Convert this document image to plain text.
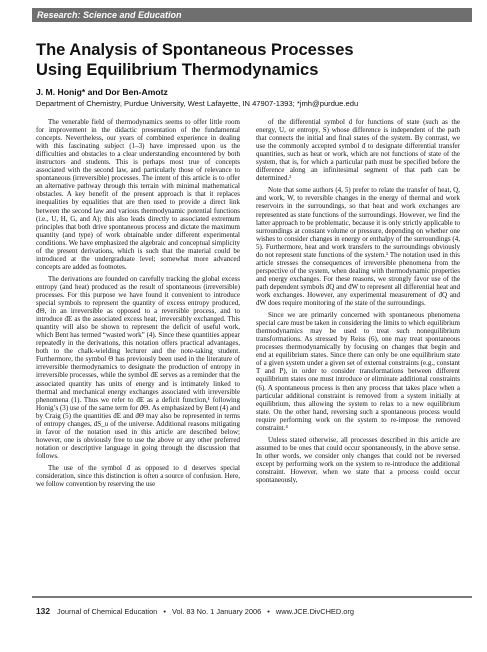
Research: Science and Education
The Analysis of Spontaneous Processes
Using Equilibrium Thermodynamics
J. M. Honig* and Dor Ben-Amotz
Department of Chemistry, Purdue University, West Lafayette, IN 47907-1393; *jmh@purdue.edu

The venerable field of thermodynamics seems to offer little room for improvement in the didactic presentation of the fundamental concepts. Nevertheless, our years of combined experience in dealing with this fascinating subject (1–3) have impressed upon us the difficulties and obstacles to a clear understanding encountered by both instructors and students. This is perhaps most true of concepts associated with the second law, and particularly those of relevance to spontaneous (irreversible) processes. The intent of this article is to offer an alternative pathway through this terrain with minimal mathematical obstacles. A key benefit of the present approach is that it replaces inequalities by equalities that are then used to provide a direct link between the second law and various thermodynamic potential functions (i.e., U, H, G, and A); this also leads directly to associated extremum principles that both drive spontaneous process and dictate the maximum quantity (and type) of work obtainable under different experimental conditions. We have emphasized the algebraic and conceptual simplicity of the present derivations, which is such that the material could be introduced at the undergraduate level; somewhat more advanced concepts are added as footnotes.

The derivations are founded on carefully tracking the global excess entropy (and heat) produced as the result of spontaneous (irreversible) processes. For this purpose we have found it convenient to introduce special symbols to represent the quantity of excess entropy produced, đΘ, in an irreversible as opposed to a reversible process, and to introduce đE as the associated excess heat, irreversibly exchanged. This quantity will also be shown to represent the deficit of useful work, which Bent has termed “wasted work” (4). Since these quantities appear repeatedly in the derivations, this notation offers practical advantages, both to the chalk-wielding lecturer and the note-taking student. Furthermore, the symbol Θ has previously been used in the literature of irreversible thermodynamics to designate the production of entropy in irreversible processes, while the symbol đE serves as a reminder that the associated quantity has units of energy and is intimately linked to thermal and mechanical energy exchanges associated with irreversible phenomena (1). Thus we refer to đE as a deficit function,¹ following Honig’s (3) use of the same term for đΘ. As emphasized by Bent (4) and by Craig (5) the quantities đE and đΘ may also be represented in terms of entropy changes, dS_u of the universe. Additional reasons mitigating in favor of the notation used in this article are described below; however, one is obviously free to use the above or any other preferred notation or descriptive language in going through the discussion that follows.

The use of the symbol đ as opposed to d deserves special consideration, since this distinction is often a source of confusion. Here, we follow convention by reserving the use

of the differential symbol d for functions of state (such as the energy, U, or entropy, S) whose difference is independent of the path that connects the initial and final states of the system. By contrast, we use the commonly accepted symbol đ to designate differential transfer quantities, such as heat or work, which are not functions of state of the system, that is, for which a particular path must be specified before the difference along an infinitesimal segment of that path can be determined.²

Note that some authors (4, 5) prefer to relate the transfer of heat, Q, and work, W, to reversible changes in the energy of thermal and work reservoirs in the surroundings, so that heat and work exchanges are represented as state functions of the surroundings. However, we find the latter approach to be problematic, because it is only strictly applicable to surroundings at constant volume or pressure, depending on whether one wishes to consider changes in energy or enthalpy of the surroundings (4, 5). Furthermore, heat and work transfers to the surroundings obviously do not represent state functions of the system.³ The notation used in this article stresses the consequences of irreversible phenomena from the perspective of the system, when dealing with thermodynamic properties and energy exchanges. For these reasons, we strongly favor use of the path dependent symbols đQ and đW to represent all differential heat and work exchanges. However, any experimental measurement of đQ and đW does require monitoring of the state of the surroundings.

Since we are primarily concerned with spontaneous phenomena special care must be taken in considering the limits to which equilibrium thermodynamics may be used to treat such nonequilibrium transformations. As stressed by Reiss (6), one may treat spontaneous processes thermodynamically by focusing on changes that begin and end at equilibrium states. Since there can only be one equilibrium state of a given system under a given set of external constraints (e.g., constant T and P), in order to consider transformations between different equilibrium states one must introduce or eliminate additional constraints (6). A spontaneous process is then any process that takes place when a particular additional constraint is removed from a system initially at equilibrium, thus allowing the system to relax to a new equilibrium state. On the other hand, reversing such a spontaneous process would require performing work on the system to re-impose the removed constraint.⁴

Unless stated otherwise, all processes described in this article are assumed to be ones that could occur spontaneously, in the above sense. In other words, we consider only changes that could not be reversed except by performing work on the system to re-introduce the additional constraint. However, when we state that a process could occur spontaneously,

132 Journal of Chemical Education • Vol. 83 No. 1 January 2006 • www.JCE.DivCHED.org
